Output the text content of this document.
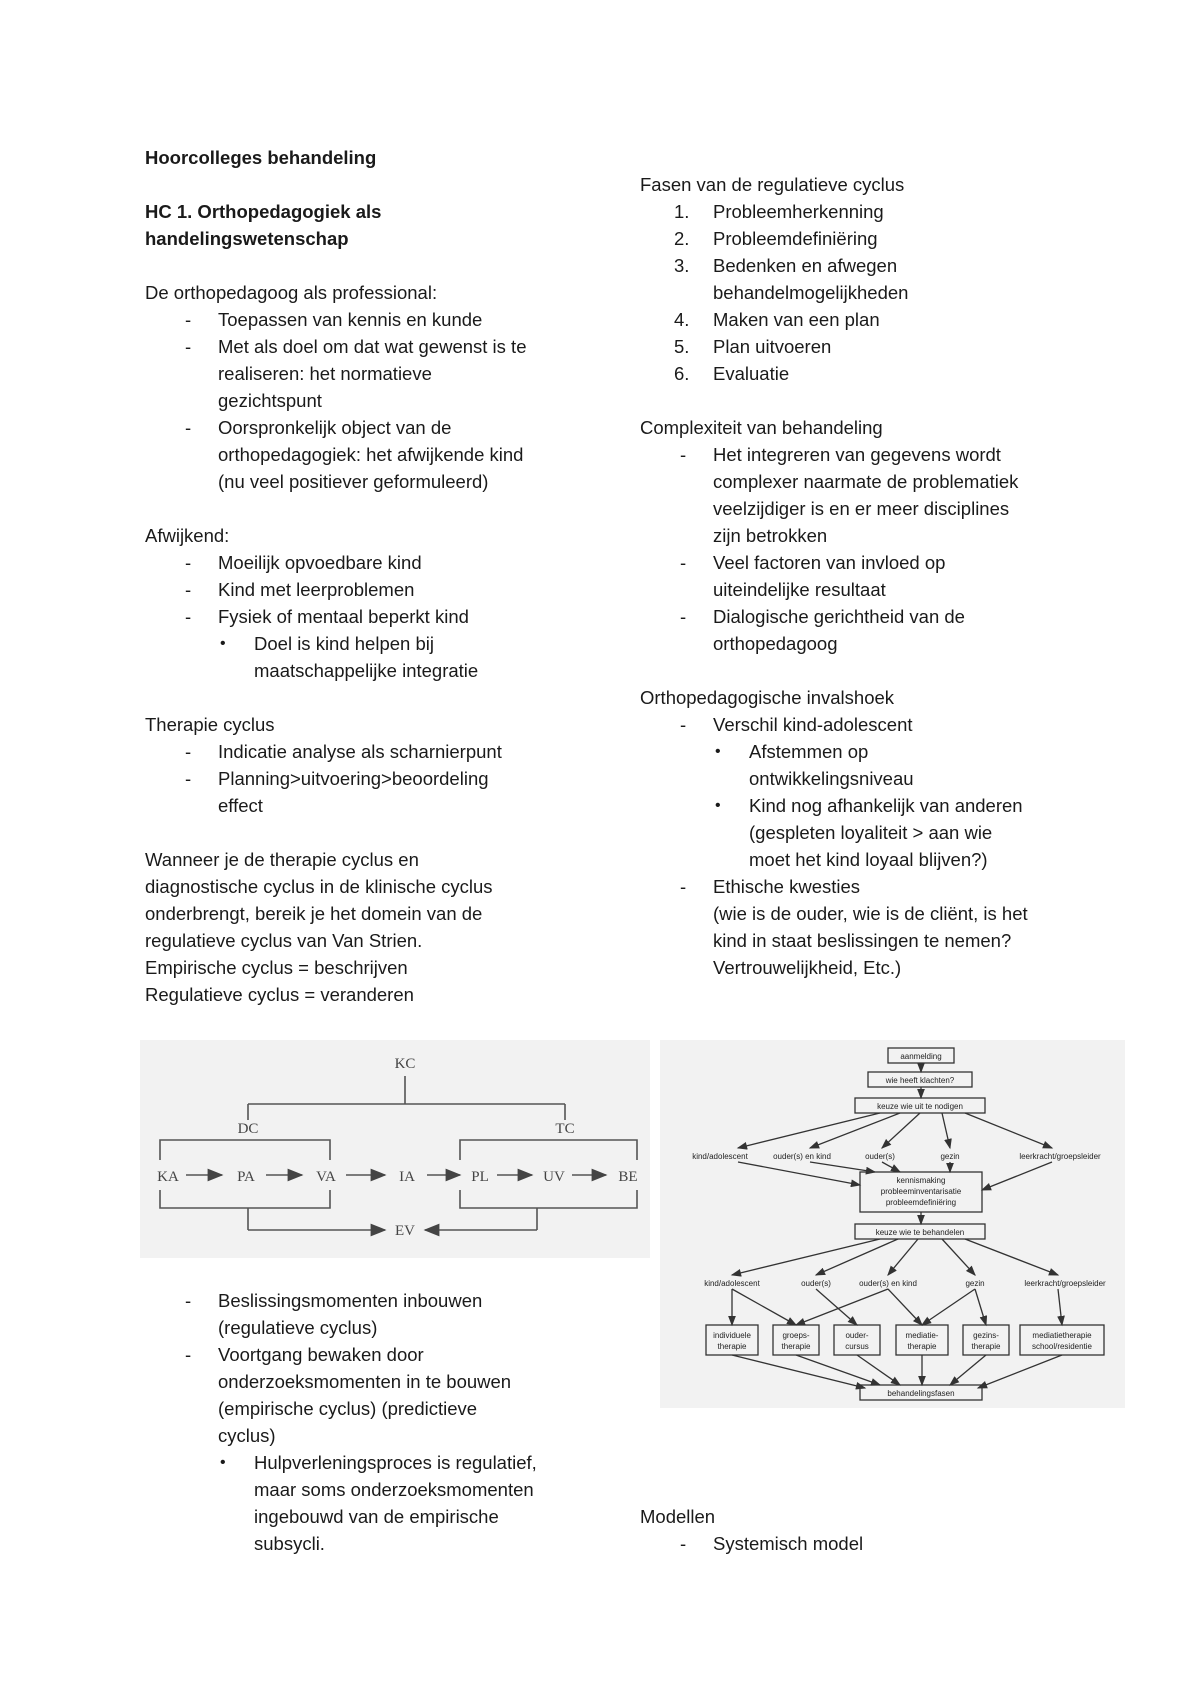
Hoorcolleges behandeling

HC 1. Orthopedagogiek als

handelingswetenschap

De orthopedagoog als professional:

- Toepassen van kennis en kunde

- Met als doel om dat wat gewenst is te

realiseren: het normatieve

gezichtspunt

- Oorspronkelijk object van de

orthopedagogiek: het afwijkende kind

(nu veel positiever geformuleerd)

Afwijkend:

- Moeilijk opvoedbare kind

- Kind met leerproblemen

- Fysiek of mentaal beperkt kind

• Doel is kind helpen bij

maatschappelijke integratie

Therapie cyclus

- Indicatie analyse als scharnierpunt

- Planning>uitvoering>beoordeling

effect

Wanneer je de therapie cyclus en

diagnostische cyclus in de klinische cyclus

onderbrengt, bereik je het domein van de

regulatieve cyclus van Van Strien.

Empirische cyclus = beschrijven

Regulatieve cyclus = veranderen

KC
DC	TC
KA	PA	VA	IA	PL	UV	BE
EV
- Beslissingsmomenten inbouwen

(regulatieve cyclus)

- Voortgang bewaken door

onderzoeksmomenten in te bouwen

(empirische cyclus) (predictieve

cyclus)

• Hulpverleningsproces is regulatief,

maar soms onderzoeksmomenten

ingebouwd van de empirische

subsycli.

Fasen van de regulatieve cyclus

1. Probleemherkenning

2. Probleemdefiniëring

3. Bedenken en afwegen

behandelmogelijkheden

4. Maken van een plan

5. Plan uitvoeren

6. Evaluatie

Complexiteit van behandeling

- Het integreren van gegevens wordt

complexer naarmate de problematiek

veelzijdiger is en er meer disciplines

zijn betrokken

- Veel factoren van invloed op

uiteindelijke resultaat

- Dialogische gerichtheid van de

orthopedagoog

Orthopedagogische invalshoek

- Verschil kind-adolescent

• Afstemmen op

ontwikkelingsniveau

• Kind nog afhankelijk van anderen

(gespleten loyaliteit > aan wie

moet het kind loyaal blijven?)

- Ethische kwesties

(wie is de ouder, wie is de cliënt, is het

kind in staat beslissingen te nemen?

Vertrouwelijkheid, Etc.)

aanmelding
wie heeft klachten?
keuze wie uit te nodigen
kind/adolescent	ouder(s) en kind	ouder(s)	gezin	leerkracht/groepsleider
kennismaking
probleeminventarisatie
probleemdefiniëring
keuze wie te behandelen
kind/adolescent	ouder(s)	ouder(s) en kind	gezin	leerkracht/groepsleider
individuele
therapie
groeps-
therapie
ouder-
cursus
mediatie-
therapie
gezins-
therapie
mediatietherapie
school/residentie
behandelingsfasen

Modellen

- Systemisch model
